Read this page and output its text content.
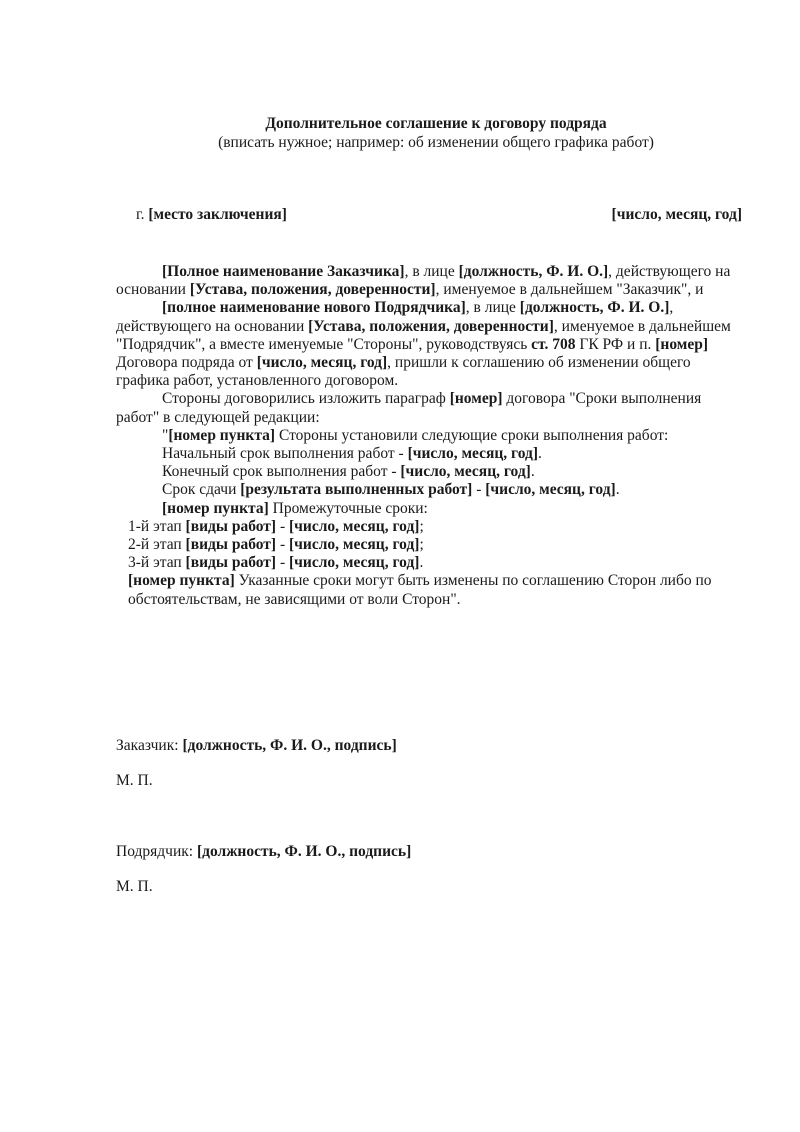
Дополнительное соглашение к договору подряда
(вписать нужное; например: об изменении общего графика работ)
г. [место заключения]	[число, месяц, год]

[Полное наименование Заказчика], в лице [должность, Ф. И. О.], действующего на основании [Устава, положения, доверенности], именуемое в дальнейшем "Заказчик", и

[полное наименование нового Подрядчика], в лице [должность, Ф. И. О.], действующего на основании [Устава, положения, доверенности], именуемое в дальнейшем "Подрядчик", а вместе именуемые "Стороны", руководствуясь ст. 708 ГК РФ и п. [номер] Договора подряда от [число, месяц, год], пришли к соглашению об изменении общего графика работ, установленного договором.

Стороны договорились изложить параграф [номер] договора "Сроки выполнения работ" в следующей редакции:

"[номер пункта] Стороны установили следующие сроки выполнения работ:

Начальный срок выполнения работ - [число, месяц, год].

Конечный срок выполнения работ - [число, месяц, год].

Срок сдачи [результата выполненных работ] - [число, месяц, год].

[номер пункта] Промежуточные сроки:

1-й этап [виды работ] - [число, месяц, год];

2-й этап [виды работ] - [число, месяц, год];

3-й этап [виды работ] - [число, месяц, год].

[номер пункта] Указанные сроки могут быть изменены по соглашению Сторон либо по обстоятельствам, не зависящими от воли Сторон".

Заказчик: [должность, Ф. И. О., подпись]
М. П.
Подрядчик: [должность, Ф. И. О., подпись]
М. П.
